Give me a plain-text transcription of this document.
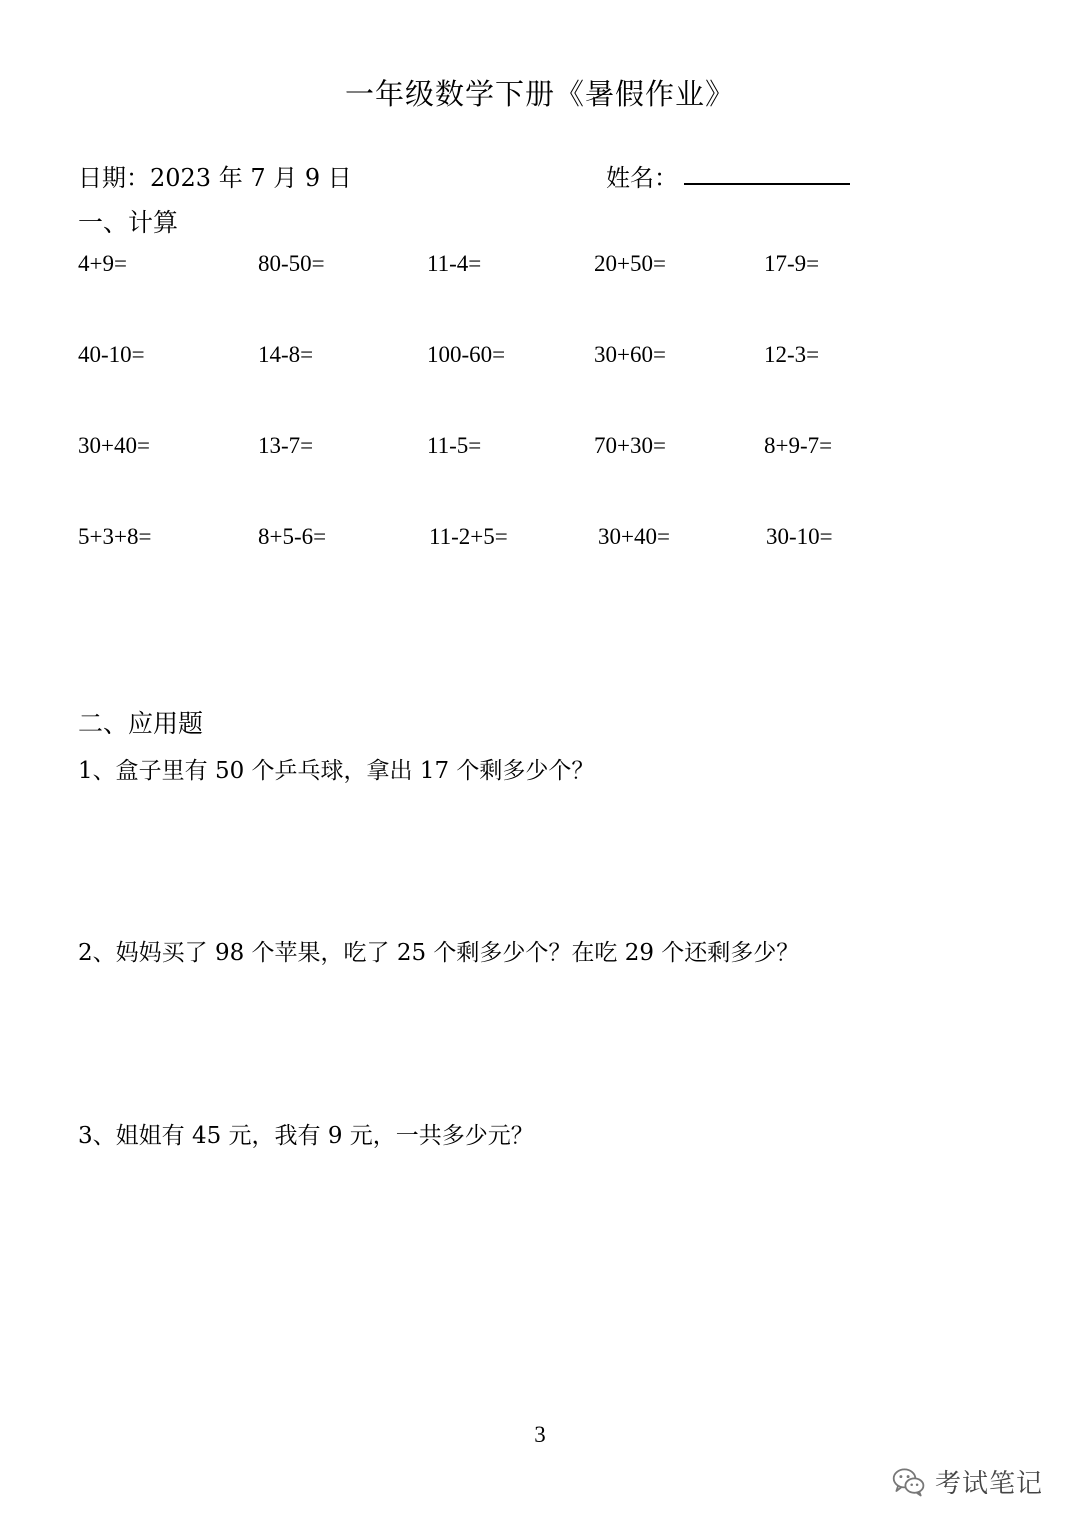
一年级数学下册《暑假作业》
日期：2023 年 7 月 9 日	姓名：
一、计算
4+9=	80-50=	11-4=	20+50=	17-9=
40-10=	14-8=	100-60=	30+60=	12-3=
30+40=	13-7=	11-5=	70+30=	8+9-7=
5+3+8=	8+5-6=	11-2+5=	30+40=	30-10=
二、应用题
1、盒子里有 50 个乒乓球，拿出 17 个剩多少个？
2、妈妈买了 98 个苹果，吃了 25 个剩多少个？在吃 29 个还剩多少？
3、姐姐有 45 元，我有 9 元，一共多少元？
3
考试笔记
